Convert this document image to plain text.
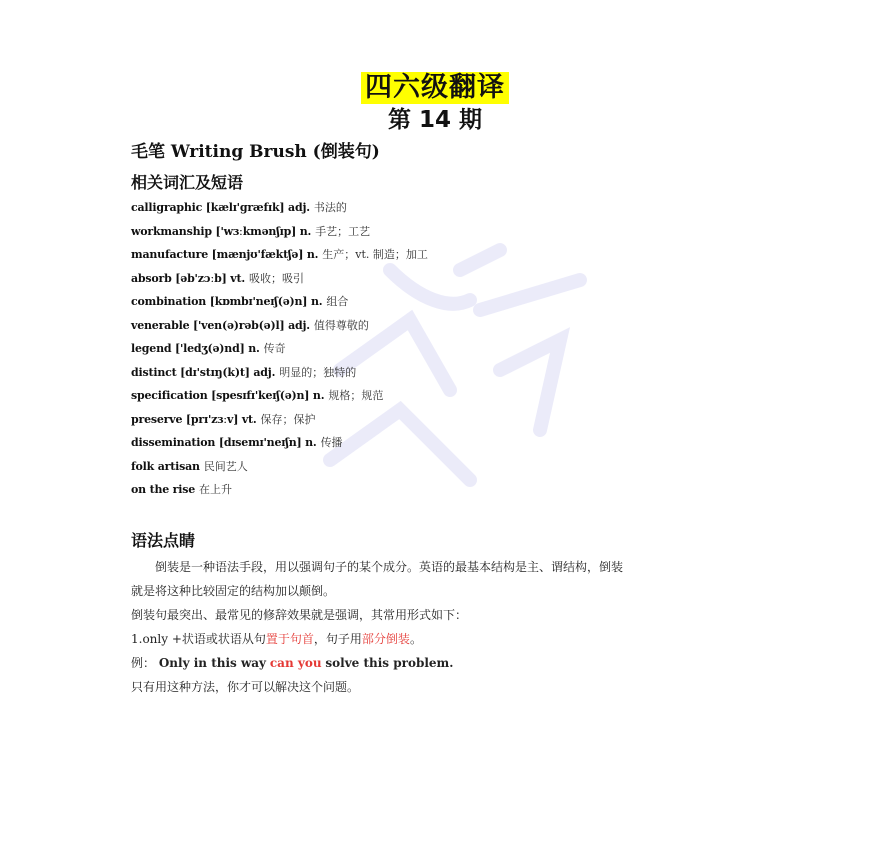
四六级翻译
第 14 期
毛笔 Writing Brush (倒装句)
相关词汇及短语
calligraphic [kælɪ'græfɪk] adj. 书法的
workmanship ['wɜːkmənʃɪp] n. 手艺；工艺
manufacture [mænjʊ'fæktʃə] n. 生产；vt. 制造；加工
absorb [əb'zɔːb] vt. 吸收；吸引
combination [kɒmbɪ'neɪʃ(ə)n] n. 组合
venerable ['ven(ə)rəb(ə)l] adj. 值得尊敬的
legend ['ledʒ(ə)nd] n. 传奇
distinct [dɪ'stɪŋ(k)t] adj. 明显的；独特的
specification [spesɪfɪ'keɪʃ(ə)n] n. 规格；规范
preserve [prɪ'zɜːv] vt. 保存；保护
dissemination [dɪsemɪ'neɪʃn] n. 传播
folk artisan 民间艺人
on the rise 在上升
语法点睛

倒装是一种语法手段，用以强调句子的某个成分。英语的最基本结构是主、谓结构，倒装

就是将这种比较固定的结构加以颠倒。

倒装句最突出、最常见的修辞效果就是强调，其常用形式如下：

1.only +状语或状语从句置于句首，句子用部分倒装。

例： Only in this way can you solve this problem.

只有用这种方法，你才可以解决这个问题。
